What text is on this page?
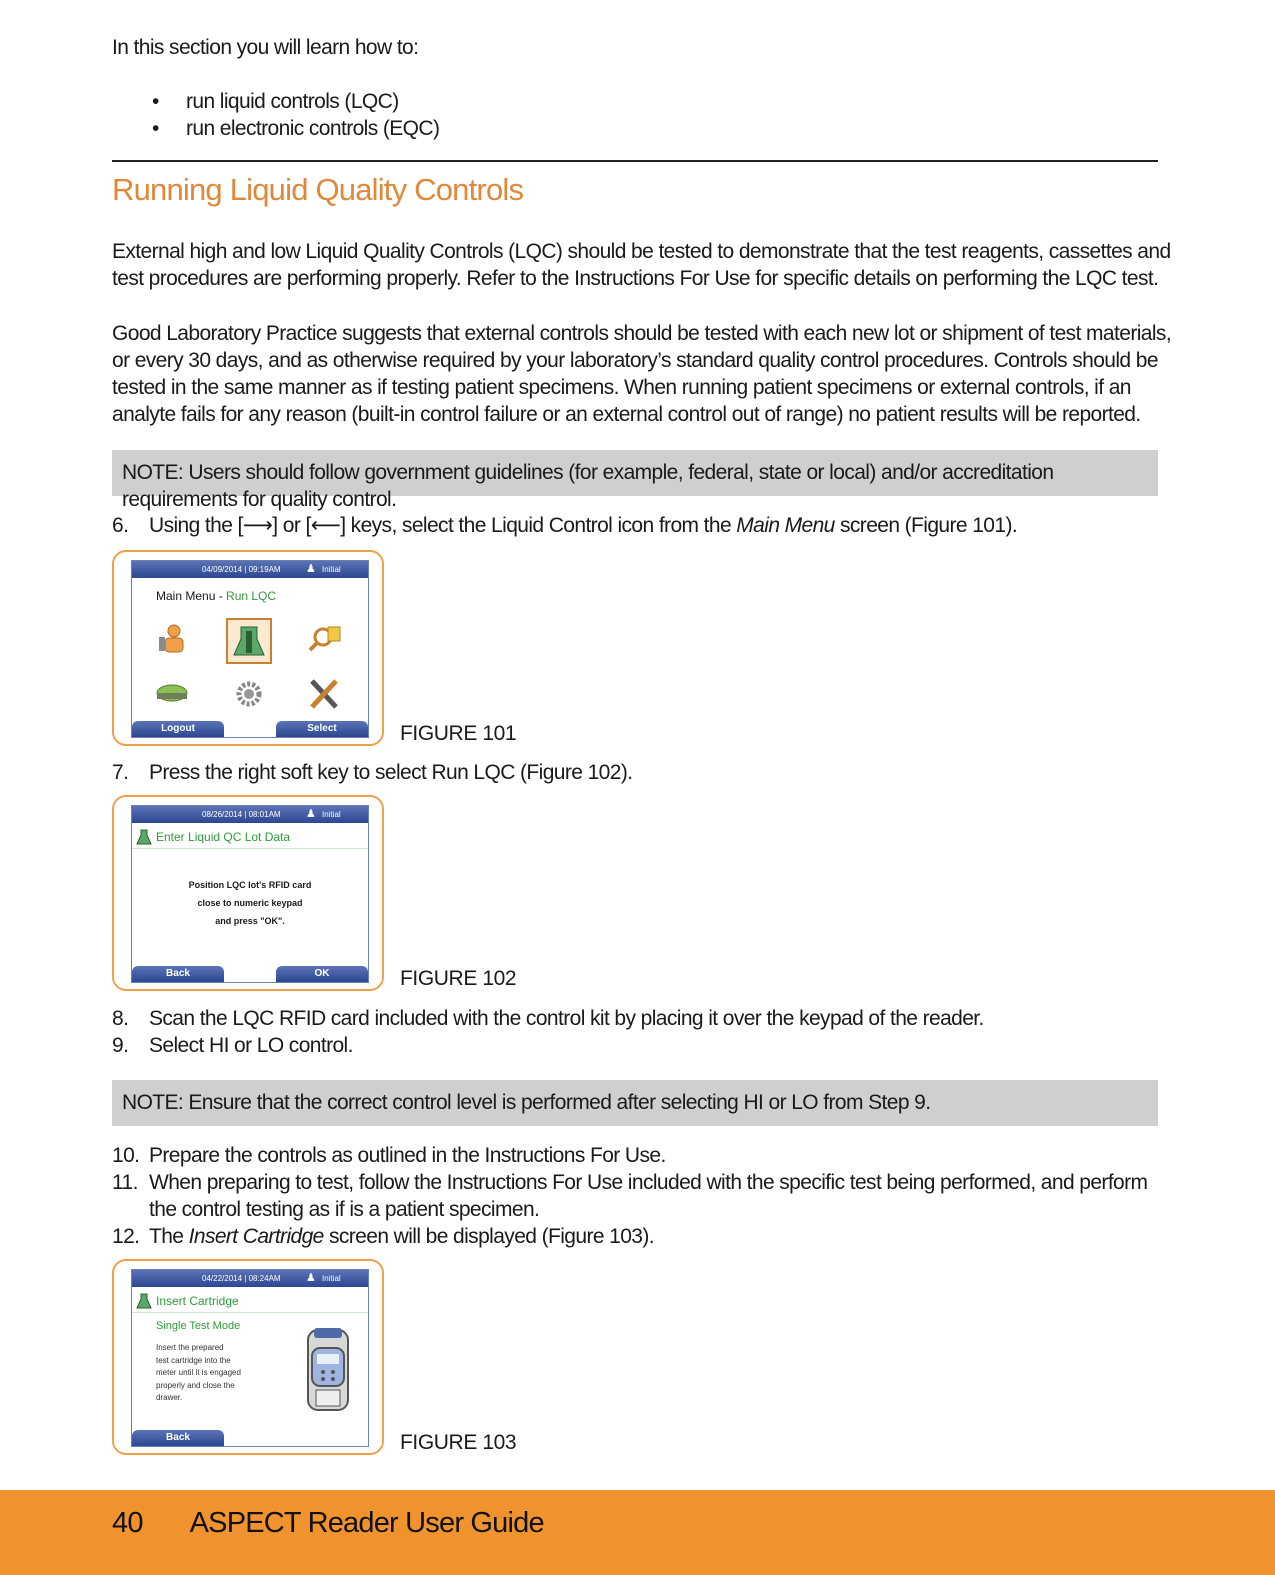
In this section you will learn how to:
• run liquid controls (LQC)
• run electronic controls (EQC)
Running Liquid Quality Controls
External high and low Liquid Quality Controls (LQC) should be tested to demonstrate that the test reagents, cassettes and test procedures are performing properly. Refer to the Instructions For Use for specific details on performing the LQC test.
Good Laboratory Practice suggests that external controls should be tested with each new lot or shipment of test materials, or every 30 days, and as otherwise required by your laboratory’s standard quality control procedures. Controls should be tested in the same manner as if testing patient specimens. When running patient specimens or external controls, if an analyte fails for any reason (built-in control failure or an external control out of range) no patient results will be reported.
NOTE: Users should follow government guidelines (for example, federal, state or local) and/or accreditation requirements for quality control.
6. Using the [⟶] or [⟵] keys, select the Liquid Control icon from the Main Menu screen (Figure 101).
04/09/2014 | 09:19AM ♟ Initial
Main Menu - Run LQC
Logout	Select	FIGURE 101
7. Press the right soft key to select Run LQC (Figure 102).
08/26/2014 | 08:01AM ♟ Initial
Enter Liquid QC Lot Data
Position LQC lot's RFID card
close to numeric keypad
and press "OK".
Back	OK	FIGURE 102
8. Scan the LQC RFID card included with the control kit by placing it over the keypad of the reader.
9. Select HI or LO control.
NOTE: Ensure that the correct control level is performed after selecting HI or LO from Step 9.
10. Prepare the controls as outlined in the Instructions For Use.
11. When preparing to test, follow the Instructions For Use included with the specific test being performed, and perform the control testing as if is a patient specimen.
12. The Insert Cartridge screen will be displayed (Figure 103).
04/22/2014 | 08:24AM ♟ Initial
Insert Cartridge
Single Test Mode
Insert the prepared
test cartridge into the
meter until it is engaged
properly and close the
drawer.
Back	FIGURE 103
40 ASPECT Reader User Guide
